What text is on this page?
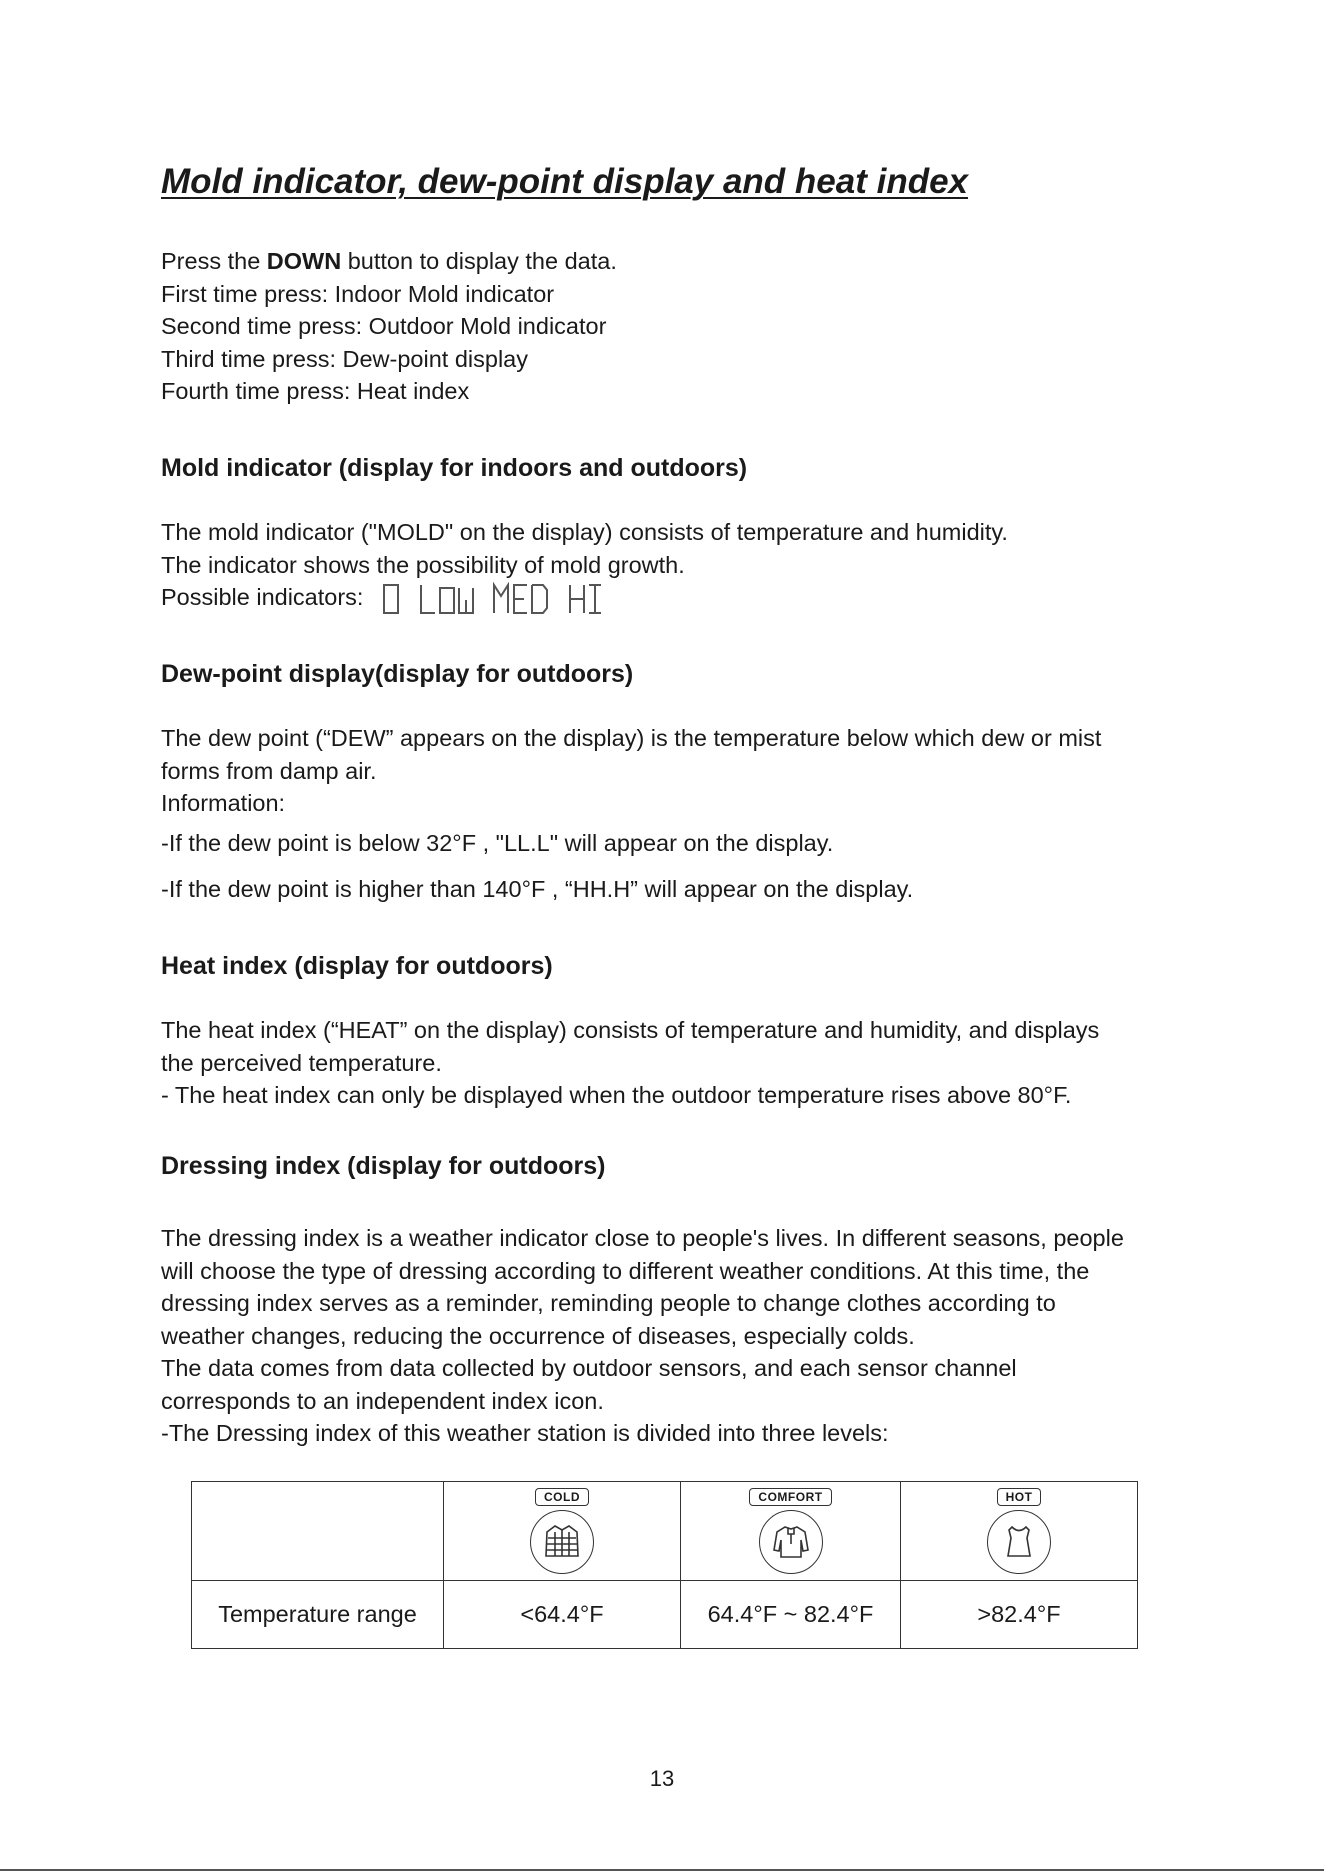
Mold indicator, dew-point display and heat index

Press the DOWN button to display the data.

First time press: Indoor Mold indicator

Second time press: Outdoor Mold indicator

Third time press: Dew-point display

Fourth time press: Heat index

Mold indicator (display for indoors and outdoors)

The mold indicator ("MOLD" on the display) consists of temperature and humidity.

The indicator shows the possibility of mold growth.

Possible indicators:

Dew-point display(display for outdoors)

The dew point (“DEW” appears on the display) is the temperature below which dew or mist

forms from damp air.

Information:

-If the dew point is below 32°F , "LL.L" will appear on the display.

-If the dew point is higher than 140°F , “HH.H” will appear on the display.

Heat index (display for outdoors)

The heat index (“HEAT” on the display) consists of temperature and humidity, and displays

the perceived temperature.

- The heat index can only be displayed when the outdoor temperature rises above 80°F.

Dressing index (display for outdoors)

The dressing index is a weather indicator close to people's lives. In different seasons, people

will choose the type of dressing according to different weather conditions. At this time, the

dressing index serves as a reminder, reminding people to change clothes according to

weather changes, reducing the occurrence of diseases, especially colds.

The data comes from data collected by outdoor sensors, and each sensor channel

corresponds to an independent index icon.

-The Dressing index of this weather station is divided into three levels:

	COLD	COMFORT	HOT

Temperature range	<64.4°F	64.4°F ~ 82.4°F	>82.4°F
13
